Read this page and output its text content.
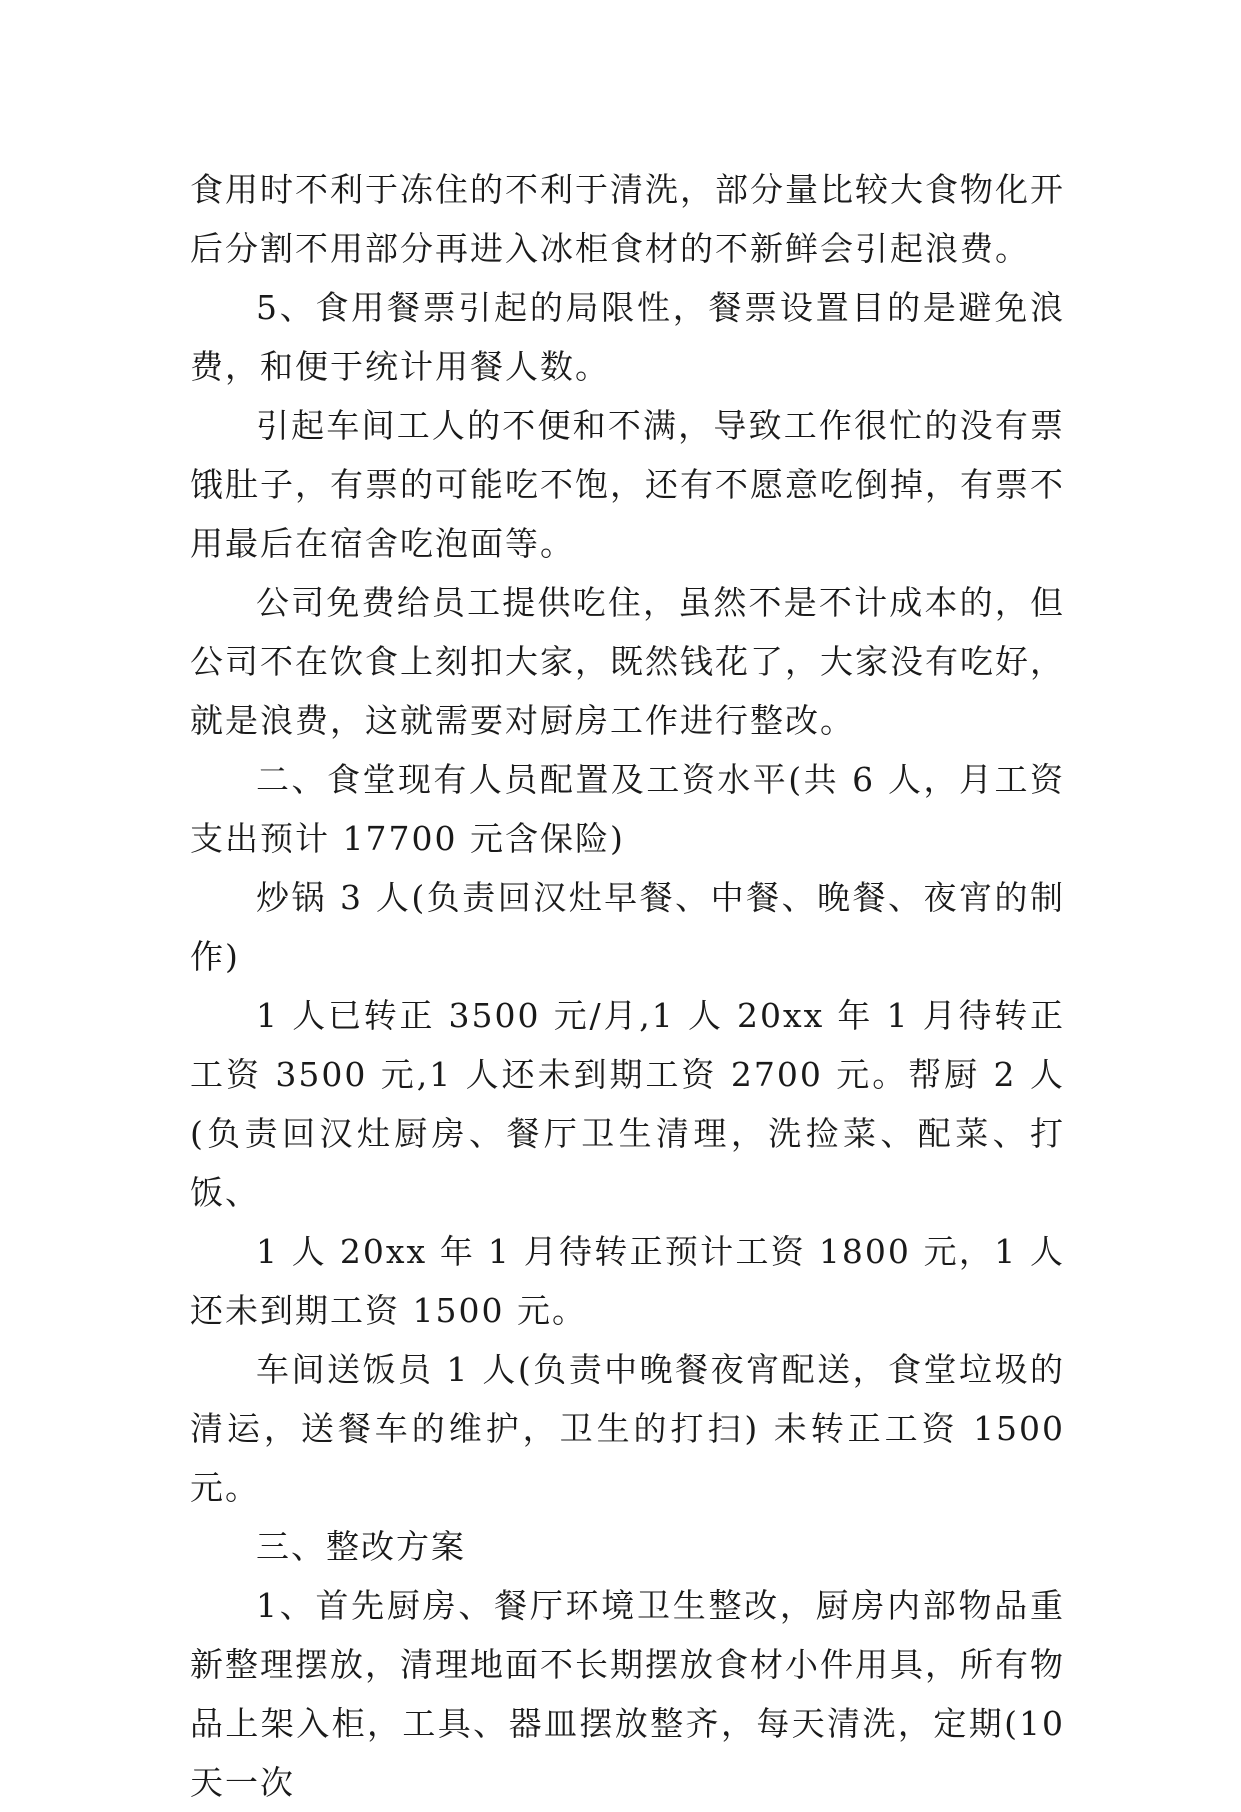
食用时不利于冻住的不利于清洗，部分量比较大食物化开后分割不用部分再进入冰柜食材的不新鲜会引起浪费。

5、食用餐票引起的局限性，餐票设置目的是避免浪费，和便于统计用餐人数。

引起车间工人的不便和不满，导致工作很忙的没有票饿肚子，有票的可能吃不饱，还有不愿意吃倒掉，有票不用最后在宿舍吃泡面等。

公司免费给员工提供吃住，虽然不是不计成本的，但公司不在饮食上刻扣大家，既然钱花了，大家没有吃好，就是浪费，这就需要对厨房工作进行整改。

二、食堂现有人员配置及工资水平(共 6 人，月工资支出预计 17700 元含保险)

炒锅 3 人(负责回汉灶早餐、中餐、晚餐、夜宵的制作)

1 人已转正 3500 元/月,1 人 20xx 年 1 月待转正工资 3500 元,1 人还未到期工资 2700 元。帮厨 2 人(负责回汉灶厨房、餐厅卫生清理，洗捡菜、配菜、打饭、

1 人 20xx 年 1 月待转正预计工资 1800 元，1 人还未到期工资 1500 元。

车间送饭员 1 人(负责中晚餐夜宵配送，食堂垃圾的清运，送餐车的维护，卫生的打扫) 未转正工资 1500 元。

三、整改方案

1、首先厨房、餐厅环境卫生整改，厨房内部物品重新整理摆放，清理地面不长期摆放食材小件用具，所有物品上架入柜，工具、器皿摆放整齐，每天清洗，定期(10 天一次
